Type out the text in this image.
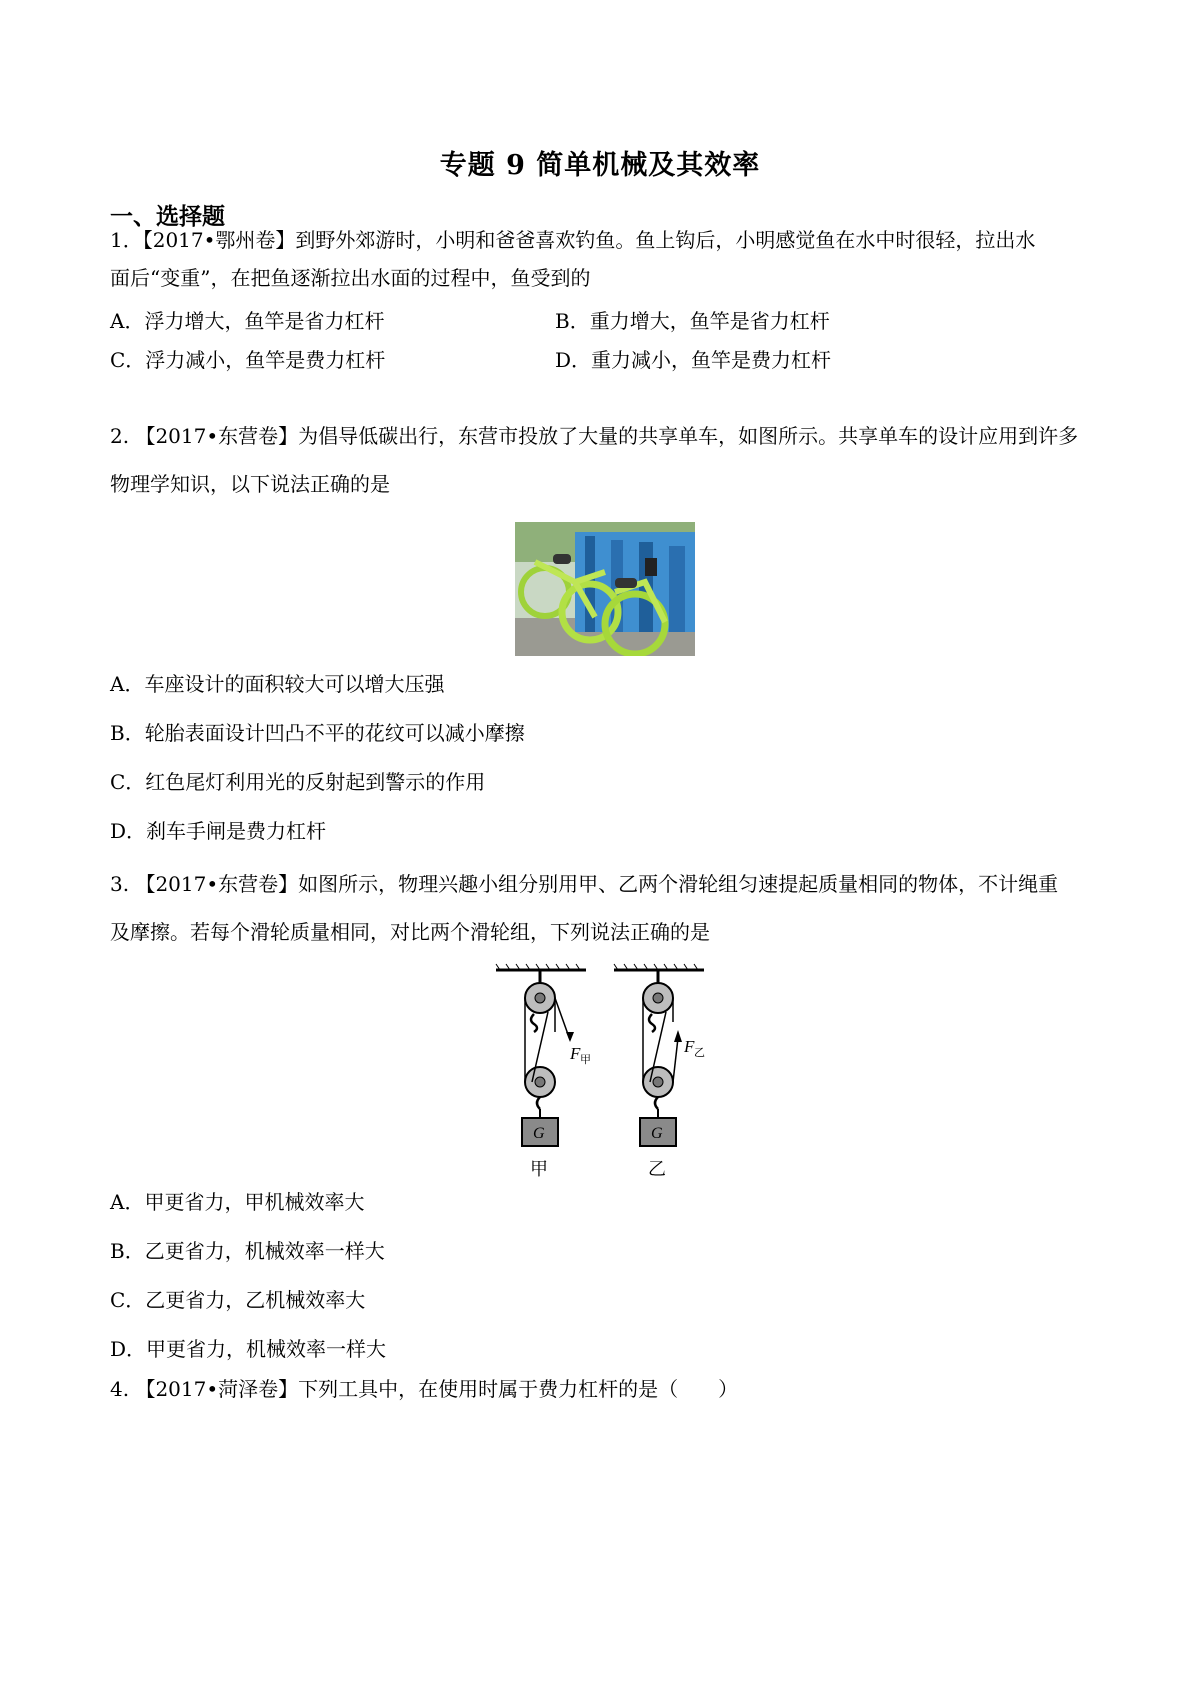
专题 9 简单机械及其效率
一、选择题
1．【2017•鄂州卷】到野外郊游时，小明和爸爸喜欢钓鱼。鱼上钩后，小明感觉鱼在水中时很轻，拉出水
面后“变重”，在把鱼逐渐拉出水面的过程中，鱼受到的
A．浮力增大，鱼竿是省力杠杆	B．重力增大，鱼竿是省力杠杆
C．浮力减小，鱼竿是费力杠杆	D．重力减小，鱼竿是费力杠杆
2. 【2017•东营卷】为倡导低碳出行，东营市投放了大量的共享单车，如图所示。共享单车的设计应用到许多
物理学知识，以下说法正确的是
A．车座设计的面积较大可以增大压强
B．轮胎表面设计凹凸不平的花纹可以减小摩擦
C．红色尾灯利用光的反射起到警示的作用
D．刹车手闸是费力杠杆
3. 【2017•东营卷】如图所示，物理兴趣小组分别用甲、乙两个滑轮组匀速提起质量相同的物体，不计绳重
及摩擦。若每个滑轮质量相同，对比两个滑轮组，下列说法正确的是
F 甲
G
甲
F 乙
G
乙
A．甲更省力，甲机械效率大
B．乙更省力，机械效率一样大
C．乙更省力，乙机械效率大
D．甲更省力，机械效率一样大
4. 【2017•菏泽卷】下列工具中，在使用时属于费力杠杆的是（　　）
